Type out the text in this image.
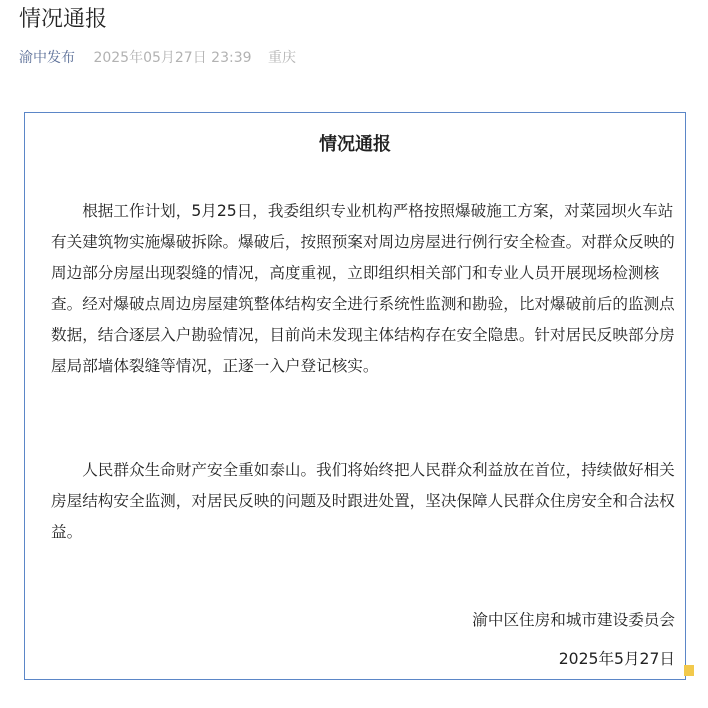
情况通报
渝中发布 2025年05月27日 23:39 重庆
情况通报

根据工作计划，5月25日，我委组织专业机构严格按照爆破施工方案，对菜园坝火车站有关建筑物实施爆破拆除。爆破后，按照预案对周边房屋进行例行安全检查。对群众反映的周边部分房屋出现裂缝的情况，高度重视，立即组织相关部门和专业人员开展现场检测核查。经对爆破点周边房屋建筑整体结构安全进行系统性监测和勘验，比对爆破前后的监测点数据，结合逐层入户勘验情况，目前尚未发现主体结构存在安全隐患。针对居民反映部分房屋局部墙体裂缝等情况，正逐一入户登记核实。

人民群众生命财产安全重如泰山。我们将始终把人民群众利益放在首位，持续做好相关房屋结构安全监测，对居民反映的问题及时跟进处置，坚决保障人民群众住房安全和合法权益。

渝中区住房和城市建设委员会
2025年5月27日
